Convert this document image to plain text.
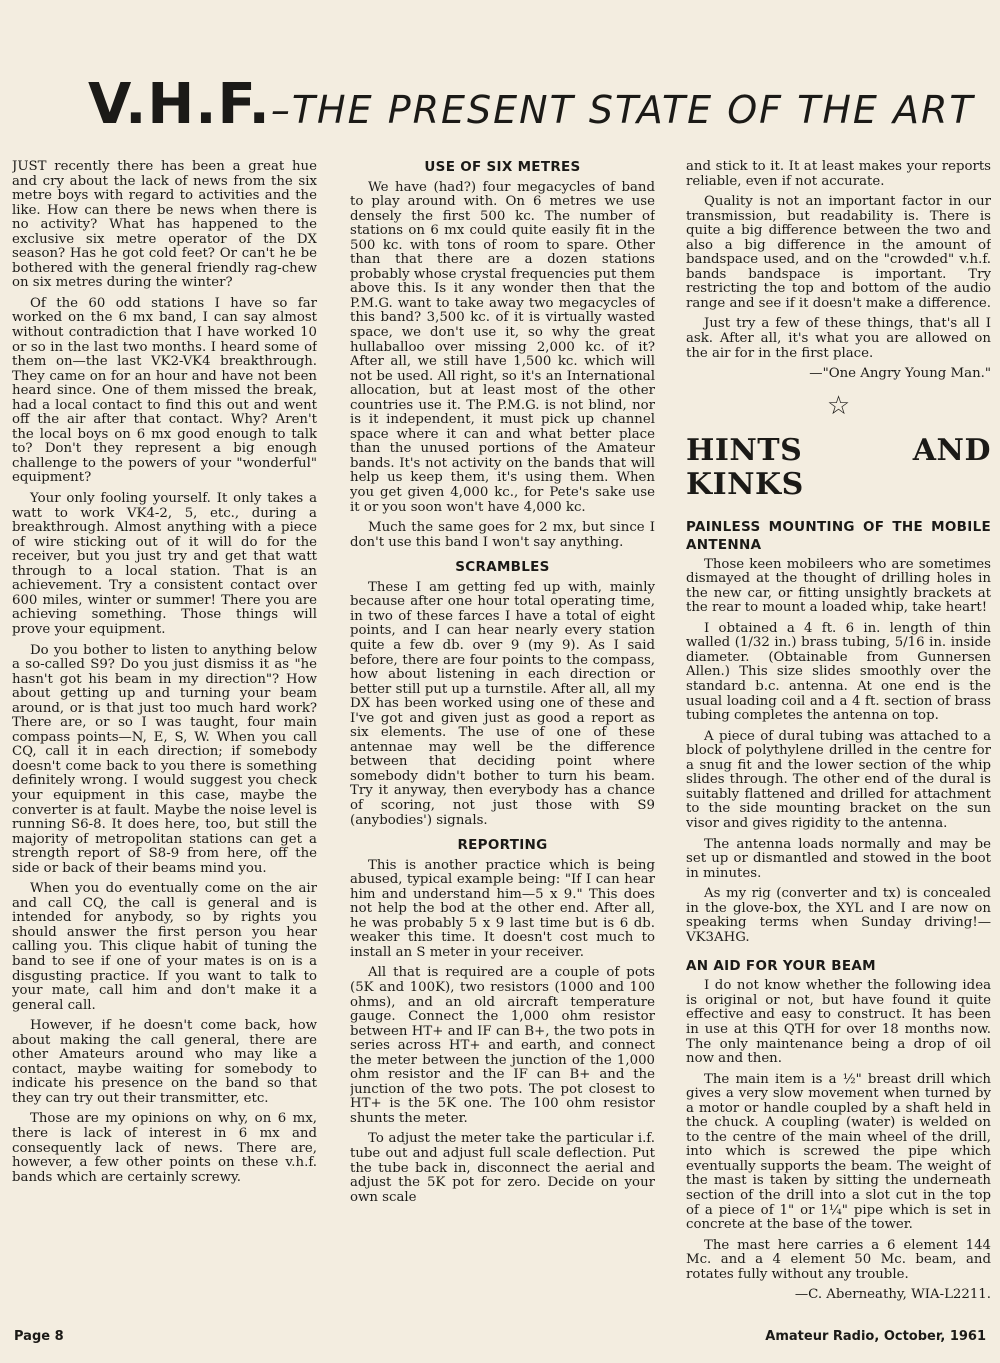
V.H.F.–THE PRESENT STATE OF THE ART

JUST recently there has been a great hue and cry about the lack of news from the six metre boys with regard to activities and the like. How can there be news when there is no activity? What has happened to the exclusive six metre operator of the DX season? Has he got cold feet? Or can't he be bothered with the general friendly rag-chew on six metres during the winter?

Of the 60 odd stations I have so far worked on the 6 mx band, I can say almost without contradiction that I have worked 10 or so in the last two months. I heard some of them on—the last VK2-VK4 breakthrough. They came on for an hour and have not been heard since. One of them missed the break, had a local contact to find this out and went off the air after that contact. Why? Aren't the local boys on 6 mx good enough to talk to? Don't they represent a big enough challenge to the powers of your "wonderful" equipment?

Your only fooling yourself. It only takes a watt to work VK4-2, 5, etc., during a breakthrough. Almost anything with a piece of wire sticking out of it will do for the receiver, but you just try and get that watt through to a local station. That is an achievement. Try a consistent contact over 600 miles, winter or summer! There you are achieving something. Those things will prove your equipment.

Do you bother to listen to anything below a so-called S9? Do you just dismiss it as "he hasn't got his beam in my direction"? How about getting up and turning your beam around, or is that just too much hard work? There are, or so I was taught, four main compass points—N, E, S, W. When you call CQ, call it in each direction; if somebody doesn't come back to you there is something definitely wrong. I would suggest you check your equipment in this case, maybe the converter is at fault. Maybe the noise level is running S6-8. It does here, too, but still the majority of metropolitan stations can get a strength report of S8-9 from here, off the side or back of their beams mind you.

When you do eventually come on the air and call CQ, the call is general and is intended for anybody, so by rights you should answer the first person you hear calling you. This clique habit of tuning the band to see if one of your mates is on is a disgusting practice. If you want to talk to your mate, call him and don't make it a general call.

However, if he doesn't come back, how about making the call general, there are other Amateurs around who may like a contact, maybe waiting for somebody to indicate his presence on the band so that they can try out their transmitter, etc.

Those are my opinions on why, on 6 mx, there is lack of interest in 6 mx and consequently lack of news. There are, however, a few other points on these v.h.f. bands which are certainly screwy.

USE OF SIX METRES

We have (had?) four megacycles of band to play around with. On 6 metres we use densely the first 500 kc. The number of stations on 6 mx could quite easily fit in the 500 kc. with tons of room to spare. Other than that there are a dozen stations probably whose crystal frequencies put them above this. Is it any wonder then that the P.M.G. want to take away two megacycles of this band? 3,500 kc. of it is virtually wasted space, we don't use it, so why the great hullaballoo over missing 2,000 kc. of it? After all, we still have 1,500 kc. which will not be used. All right, so it's an International allocation, but at least most of the other countries use it. The P.M.G. is not blind, nor is it independent, it must pick up channel space where it can and what better place than the unused portions of the Amateur bands. It's not activity on the bands that will help us keep them, it's using them. When you get given 4,000 kc., for Pete's sake use it or you soon won't have 4,000 kc.

Much the same goes for 2 mx, but since I don't use this band I won't say anything.

SCRAMBLES

These I am getting fed up with, mainly because after one hour total operating time, in two of these farces I have a total of eight points, and I can hear nearly every station quite a few db. over 9 (my 9). As I said before, there are four points to the compass, how about listening in each direction or better still put up a turnstile. After all, all my DX has been worked using one of these and I've got and given just as good a report as six elements. The use of one of these antennae may well be the difference between that deciding point where somebody didn't bother to turn his beam. Try it anyway, then everybody has a chance of scoring, not just those with S9 (anybodies') signals.

REPORTING

This is another practice which is being abused, typical example being: "If I can hear him and understand him—5 x 9." This does not help the bod at the other end. After all, he was probably 5 x 9 last time but is 6 db. weaker this time. It doesn't cost much to install an S meter in your receiver.

All that is required are a couple of pots (5K and 100K), two resistors (1000 and 100 ohms), and an old aircraft temperature gauge. Connect the 1,000 ohm resistor between HT+ and IF can B+, the two pots in series across HT+ and earth, and connect the meter between the junction of the 1,000 ohm resistor and the IF can B+ and the junction of the two pots. The pot closest to HT+ is the 5K one. The 100 ohm resistor shunts the meter.

To adjust the meter take the particular i.f. tube out and adjust full scale deflection. Put the tube back in, disconnect the aerial and adjust the 5K pot for zero. Decide on your own scale

and stick to it. It at least makes your reports reliable, even if not accurate.

Quality is not an important factor in our transmission, but readability is. There is quite a big difference between the two and also a big difference in the amount of bandspace used, and on the "crowded" v.h.f. bands bandspace is important. Try restricting the top and bottom of the audio range and see if it doesn't make a difference.

Just try a few of these things, that's all I ask. After all, it's what you are allowed on the air for in the first place.

—"One Angry Young Man."

☆
HINTS AND KINKS
PAINLESS MOUNTING OF THE MOBILE ANTENNA

Those keen mobileers who are sometimes dismayed at the thought of drilling holes in the new car, or fitting unsightly brackets at the rear to mount a loaded whip, take heart!

I obtained a 4 ft. 6 in. length of thin walled (1/32 in.) brass tubing, 5/16 in. inside diameter. (Obtainable from Gunnersen Allen.) This size slides smoothly over the standard b.c. antenna. At one end is the usual loading coil and a 4 ft. section of brass tubing completes the antenna on top.

A piece of dural tubing was attached to a block of polythylene drilled in the centre for a snug fit and the lower section of the whip slides through. The other end of the dural is suitably flattened and drilled for attachment to the side mounting bracket on the sun visor and gives rigidity to the antenna.

The antenna loads normally and may be set up or dismantled and stowed in the boot in minutes.

As my rig (converter and tx) is concealed in the glove-box, the XYL and I are now on speaking terms when Sunday driving!—VK3AHG.

AN AID FOR YOUR BEAM

I do not know whether the following idea is original or not, but have found it quite effective and easy to construct. It has been in use at this QTH for over 18 months now. The only maintenance being a drop of oil now and then.

The main item is a ½" breast drill which gives a very slow movement when turned by a motor or handle coupled by a shaft held in the chuck. A coupling (water) is welded on to the centre of the main wheel of the drill, into which is screwed the pipe which eventually supports the beam. The weight of the mast is taken by sitting the underneath section of the drill into a slot cut in the top of a piece of 1" or 1¼" pipe which is set in concrete at the base of the tower.

The mast here carries a 6 element 144 Mc. and a 4 element 50 Mc. beam, and rotates fully without any trouble.

—C. Aberneathy, WIA-L2211.

Page 8	Amateur Radio, October, 1961
